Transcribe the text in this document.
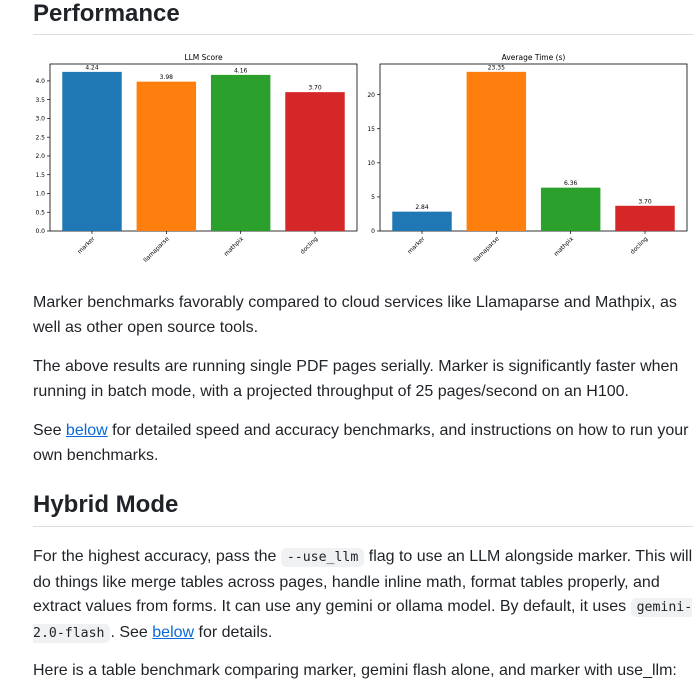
Performance
LLM Score
0.0
0.5
1.0
1.5
2.0
2.5
3.0
3.5
4.0
4.24
marker
3.98
llamaparse
4.16
mathpix
3.70
docling
Average Time (s)
0
5
10
15
20
2.84
marker
23.35
llamaparse
6.36
mathpix
3.70
docling

Marker benchmarks favorably compared to cloud services like Llamaparse and Mathpix, as well as other open source tools.

The above results are running single PDF pages serially. Marker is significantly faster when running in batch mode, with a projected throughput of 25 pages/second on an H100.

See below for detailed speed and accuracy benchmarks, and instructions on how to run your own benchmarks.

Hybrid Mode

For the highest accuracy, pass the --use_llm flag to use an LLM alongside marker. This will do things like merge tables across pages, handle inline math, format tables properly, and extract values from forms. It can use any gemini or ollama model. By default, it uses gemini-2.0-flash . See below for details.

Here is a table benchmark comparing marker, gemini flash alone, and marker with use_llm:
